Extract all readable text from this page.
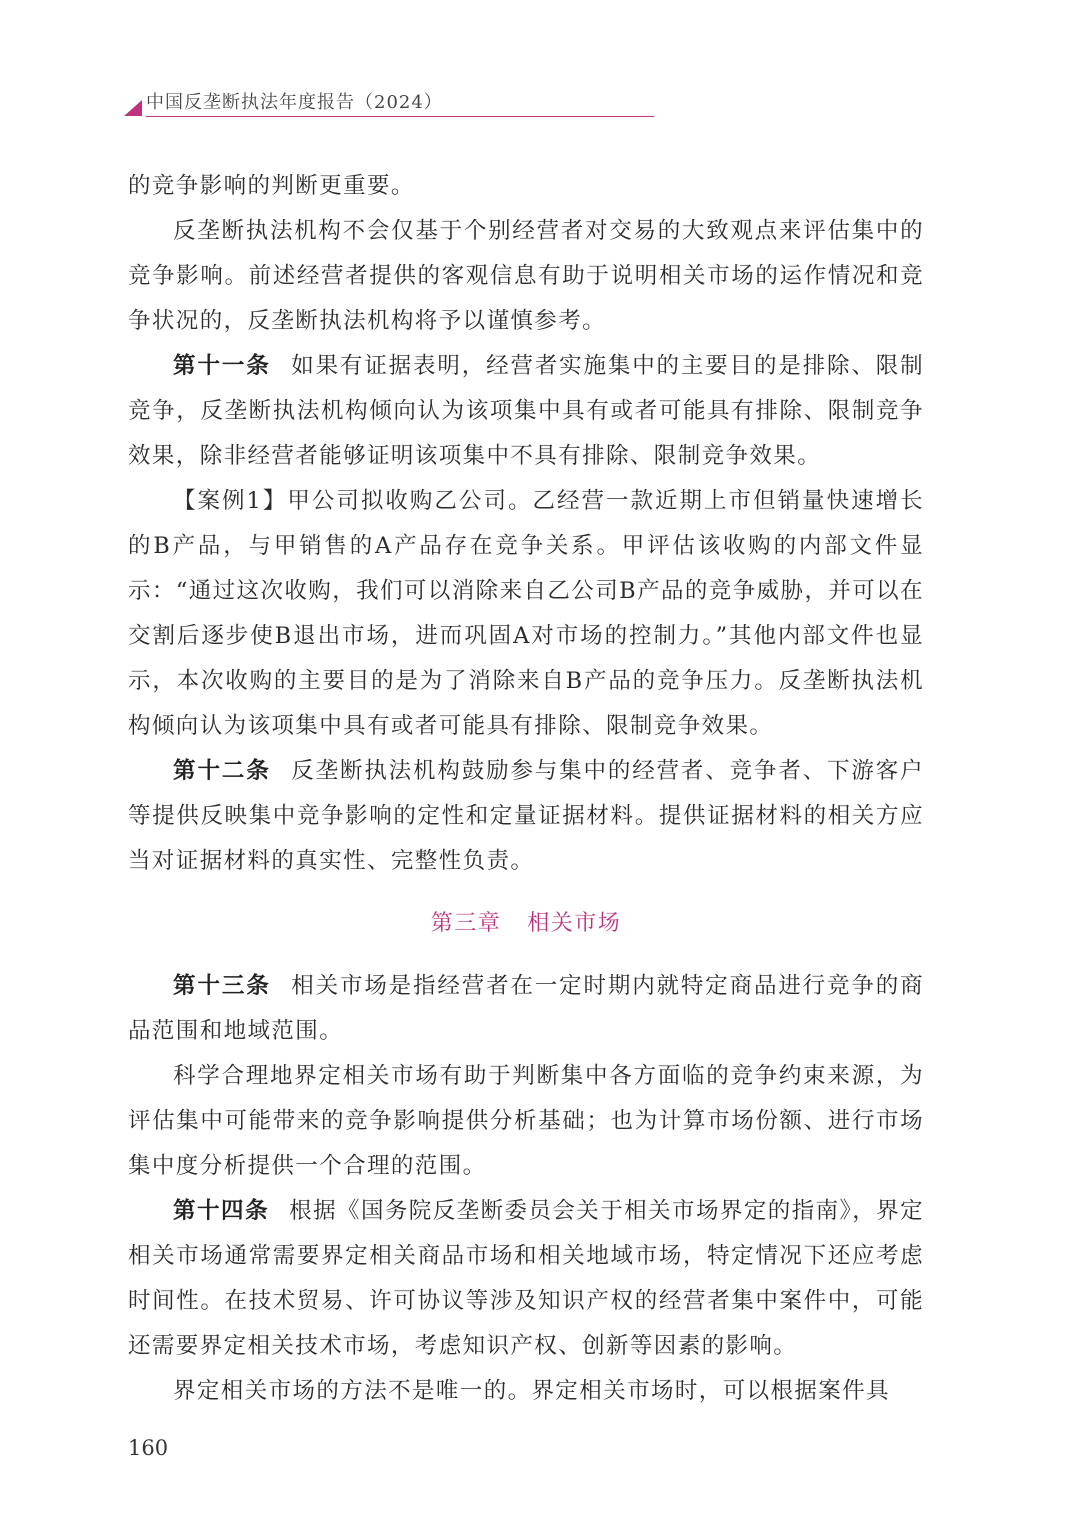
中国反垄断执法年度报告（2024）

的竞争影响的判断更重要。

反垄断执法机构不会仅基于个别经营者对交易的大致观点来评估集中的竞争影响。前述经营者提供的客观信息有助于说明相关市场的运作情况和竞争状况的，反垄断执法机构将予以谨慎参考。

第十一条 如果有证据表明，经营者实施集中的主要目的是排除、限制竞争，反垄断执法机构倾向认为该项集中具有或者可能具有排除、限制竞争效果，除非经营者能够证明该项集中不具有排除、限制竞争效果。

【案例1】甲公司拟收购乙公司。乙经营一款近期上市但销量快速增长的B产品，与甲销售的A产品存在竞争关系。甲评估该收购的内部文件显示：“通过这次收购，我们可以消除来自乙公司B产品的竞争威胁，并可以在交割后逐步使B退出市场，进而巩固A对市场的控制力。”其他内部文件也显示，本次收购的主要目的是为了消除来自B产品的竞争压力。反垄断执法机构倾向认为该项集中具有或者可能具有排除、限制竞争效果。

第十二条 反垄断执法机构鼓励参与集中的经营者、竞争者、下游客户等提供反映集中竞争影响的定性和定量证据材料。提供证据材料的相关方应当对证据材料的真实性、完整性负责。

第三章 相关市场

第十三条 相关市场是指经营者在一定时期内就特定商品进行竞争的商品范围和地域范围。

科学合理地界定相关市场有助于判断集中各方面临的竞争约束来源，为评估集中可能带来的竞争影响提供分析基础；也为计算市场份额、进行市场集中度分析提供一个合理的范围。

第十四条 根据《国务院反垄断委员会关于相关市场界定的指南》，界定相关市场通常需要界定相关商品市场和相关地域市场，特定情况下还应考虑时间性。在技术贸易、许可协议等涉及知识产权的经营者集中案件中，可能还需要界定相关技术市场，考虑知识产权、创新等因素的影响。

界定相关市场的方法不是唯一的。界定相关市场时，可以根据案件具

160
